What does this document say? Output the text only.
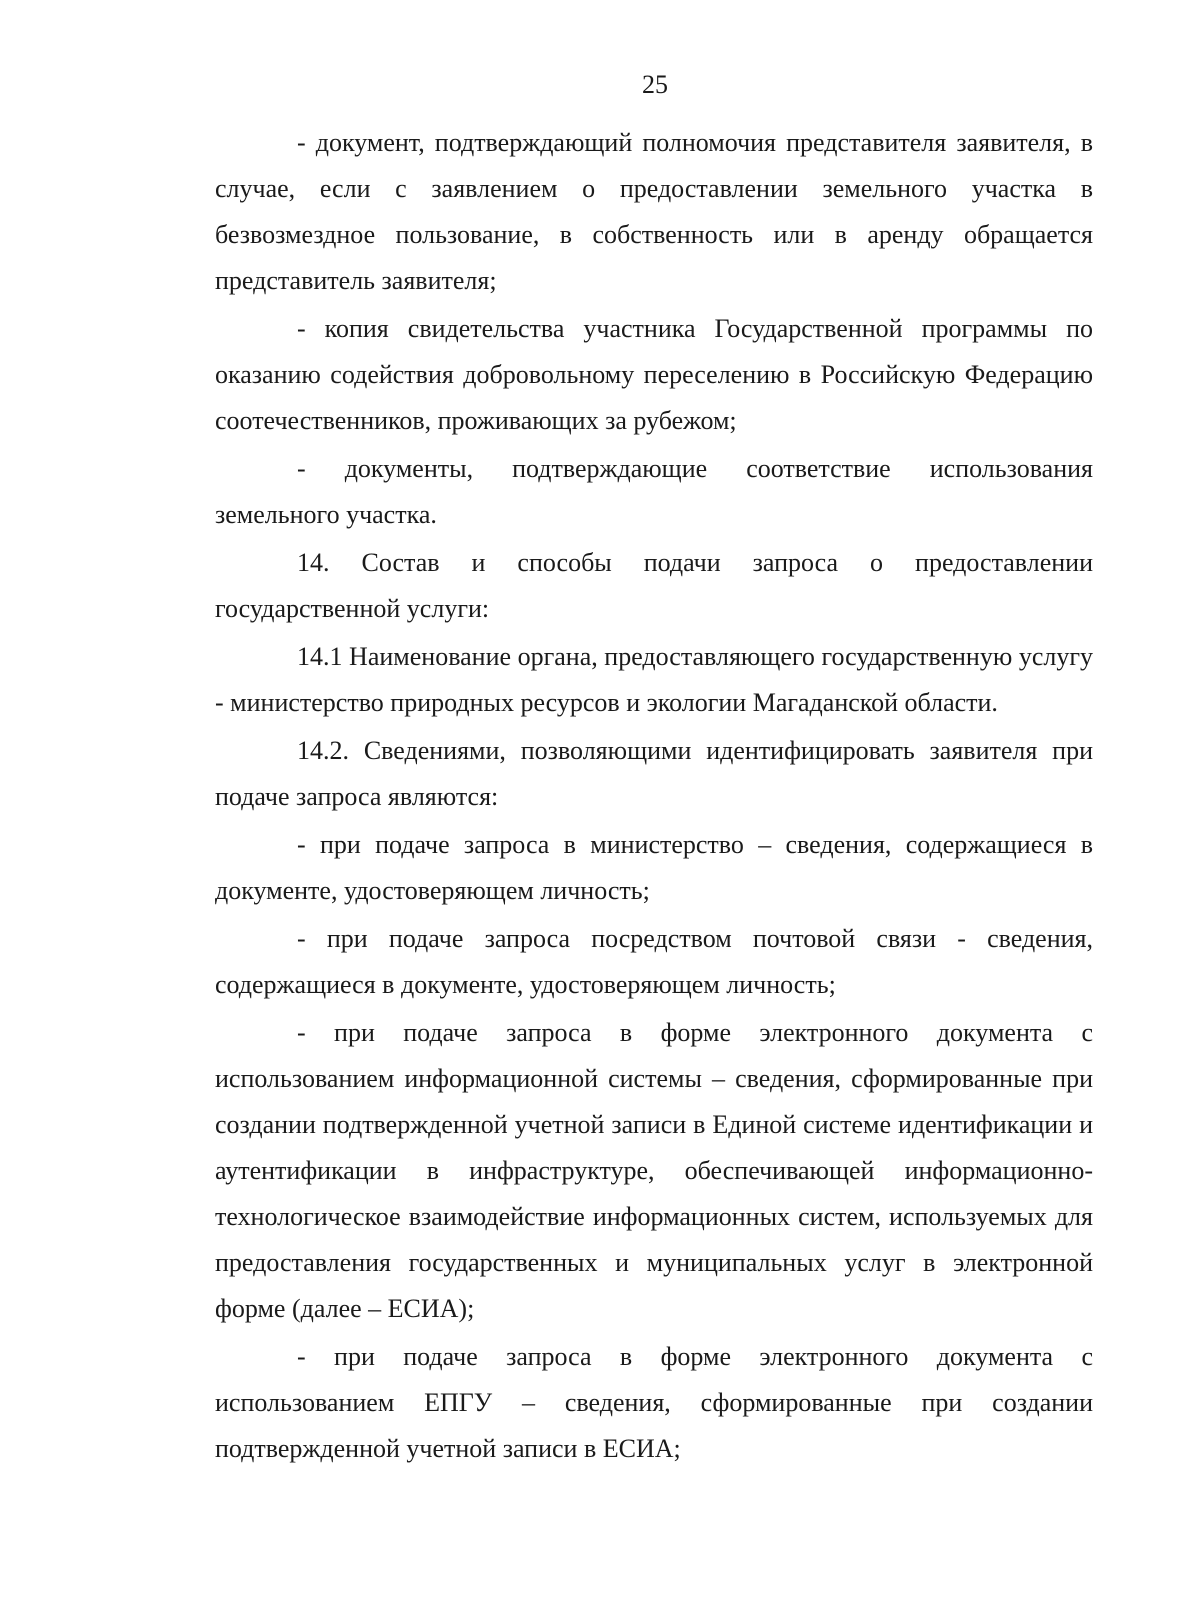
25

- документ, подтверждающий полномочия представителя заявителя, в случае, если с заявлением о предоставлении земельного участка в безвозмездное пользование, в собственность или в аренду обращается представитель заявителя;

- копия свидетельства участника Государственной программы по оказанию содействия добровольному переселению в Российскую Федерацию соотечественников, проживающих за рубежом;

- документы, подтверждающие соответствие использования земельного участка.

14. Состав и способы подачи запроса о предоставлении государственной услуги:

14.1 Наименование органа, предоставляющего государственную услугу - министерство природных ресурсов и экологии Магаданской области.

14.2. Сведениями, позволяющими идентифицировать заявителя при подаче запроса являются:

- при подаче запроса в министерство – сведения, содержащиеся в документе, удостоверяющем личность;

- при подаче запроса посредством почтовой связи - сведения, содержащиеся в документе, удостоверяющем личность;

- при подаче запроса в форме электронного документа с использованием информационной системы – сведения, сформированные при создании подтвержденной учетной записи в Единой системе идентификации и аутентификации в инфраструктуре, обеспечивающей информационно-технологическое взаимодействие информационных систем, используемых для предоставления государственных и муниципальных услуг в электронной форме (далее – ЕСИА);

- при подаче запроса в форме электронного документа с использованием ЕПГУ – сведения, сформированные при создании подтвержденной учетной записи в ЕСИА;
